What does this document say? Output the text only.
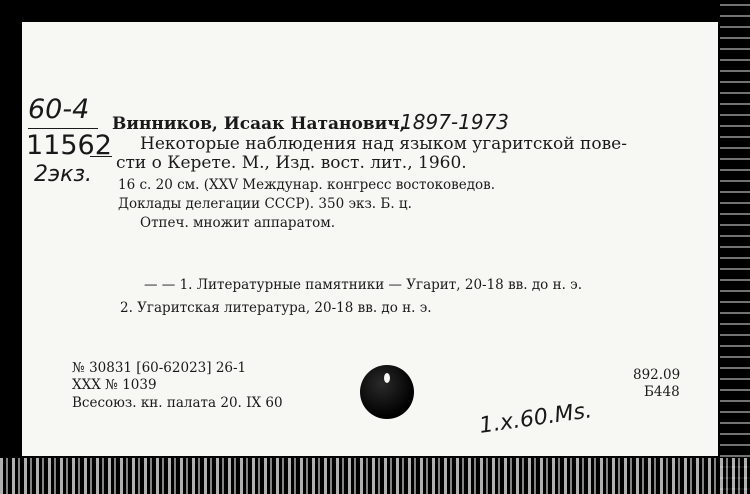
60-4
11562
2экз.
Винников, Исаак Натанович,
1897-1973
Некоторые наблюдения над языком угаритской пове-
сти о Керете. М., Изд. вост. лит., 1960.
16 с. 20 см. (XXV Междунар. конгресс востоковедов.
Доклады делегации СССР). 350 экз. Б. ц.
Отпеч. множит аппаратом.
— — 1. Литературные памятники — Угарит, 20-18 вв. до н. э.
2. Угаритская литература, 20-18 вв. до н. э.
№ 30831 [60-62023] 26-1
XXX № 1039
Всесоюз. кн. палата 20. IX 60
892.09
Б448
1.x.60.Ms.
